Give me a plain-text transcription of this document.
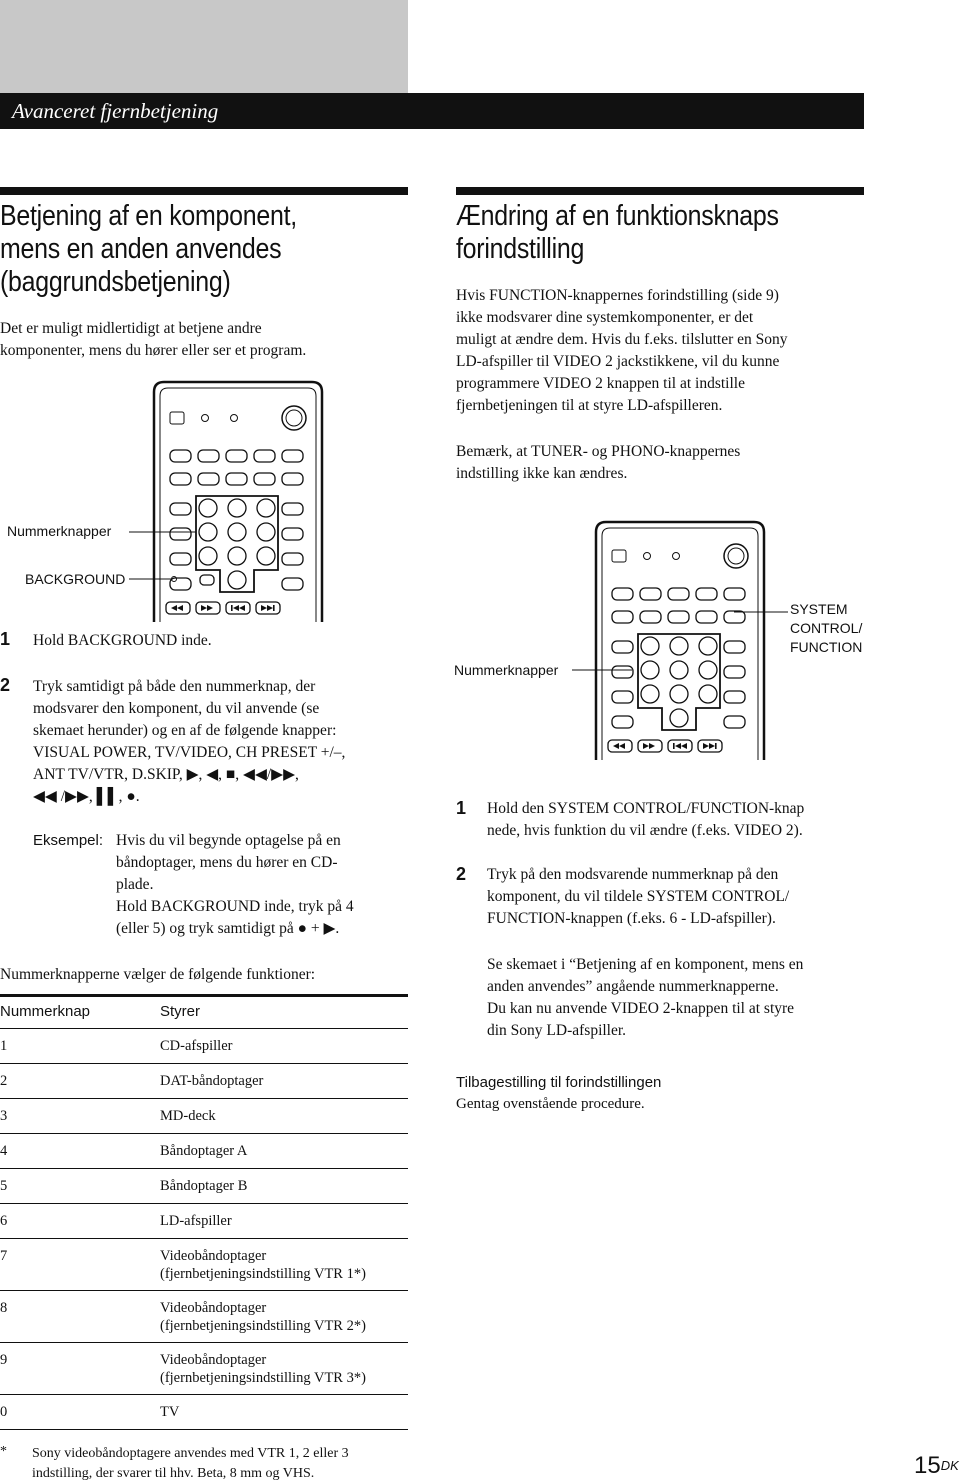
Avanceret fjernbetjening
Betjening af en komponent,
mens en anden anvendes
(baggrundsbetjening)
Det er muligt midlertidigt at betjene andre
komponenter, mens du hører eller ser et program.
Nummerknapper
BACKGROUND
1 Hold BACKGROUND inde.
2 Tryk samtidigt på både den nummerknap, der
modsvarer den komponent, du vil anvende (se
skemaet herunder) og en af de følgende knapper:
VISUAL POWER, TV/VIDEO, CH PRESET +/–,
ANT TV/VTR, D.SKIP, ▶, ◀, ■, ◀◀/▶▶,
◀◀ /▶▶, ▌▌, ●.
Eksempel: Hvis du vil begynde optagelse på en
båndoptager, mens du hører en CD-
plade.
Hold BACKGROUND inde, tryk på 4
(eller 5) og tryk samtidigt på ● + ▶.
Nummerknapperne vælger de følgende funktioner:
Nummerknap	Styrer
1	CD-afspiller

2	DAT-båndoptager

3	MD-deck

4	Båndoptager A

5	Båndoptager B

6	LD-afspiller

7	Videobåndoptager
(fjernbetjeningsindstilling VTR 1*)

8	Videobåndoptager
(fjernbetjeningsindstilling VTR 2*)

9	Videobåndoptager
(fjernbetjeningsindstilling VTR 3*)

0	TV
* Sony videobåndoptagere anvendes med VTR 1, 2 eller 3
indstilling, der svarer til hhv. Beta, 8 mm og VHS.
Ændring af en funktionsknaps
forindstilling
Hvis FUNCTION-knappernes forindstilling (side 9)
ikke modsvarer dine systemkomponenter, er det
muligt at ændre dem. Hvis du f.eks. tilslutter en Sony
LD-afspiller til VIDEO 2 jackstikkene, vil du kunne
programmere VIDEO 2 knappen til at indstille
fjernbetjeningen til at styre LD-afspilleren.
Bemærk, at TUNER- og PHONO-knappernes
indstilling ikke kan ændres.
Nummerknapper
SYSTEM
CONTROL/
FUNCTION
1 Hold den SYSTEM CONTROL/FUNCTION-knap
nede, hvis funktion du vil ændre (f.eks. VIDEO 2).
2 Tryk på den modsvarende nummerknap på den
komponent, du vil tildele SYSTEM CONTROL/
FUNCTION-knappen (f.eks. 6 - LD-afspiller).
Se skemaet i “Betjening af en komponent, mens en
anden anvendes” angående nummerknapperne.
Du kan nu anvende VIDEO 2-knappen til at styre
din Sony LD-afspiller.
Tilbagestilling til forindstillingen
Gentag ovenstående procedure.
$15^{DK}$
